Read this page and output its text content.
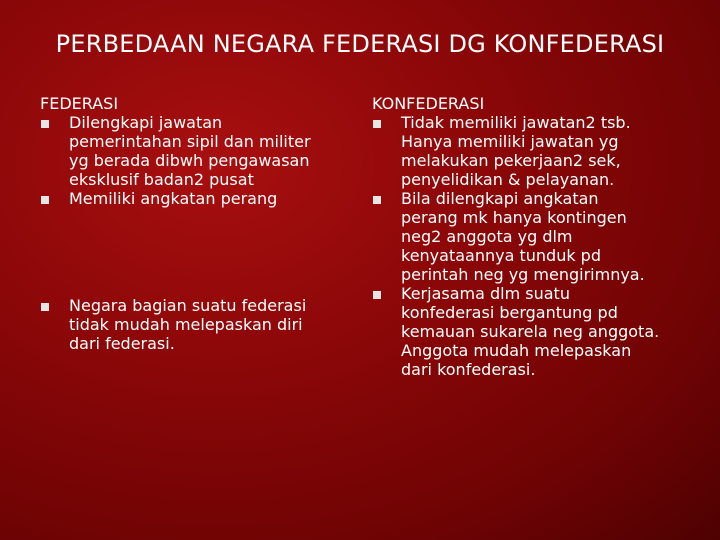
PERBEDAAN NEGARA FEDERASI DG KONFEDERASI

FEDERASI

Dilengkapi jawatan
pemerintahan sipil dan militer
yg berada dibwh pengawasan
eksklusif badan2 pusat
Memiliki angkatan perang
Negara bagian suatu federasi
tidak mudah melepaskan diri
dari federasi.

KONFEDERASI

Tidak memiliki jawatan2 tsb.
Hanya memiliki jawatan yg
melakukan pekerjaan2 sek,
penyelidikan & pelayanan.
Bila dilengkapi angkatan
perang mk hanya kontingen
neg2 anggota yg dlm
kenyataannya tunduk pd
perintah neg yg mengirimnya.
Kerjasama dlm suatu
konfederasi bergantung pd
kemauan sukarela neg anggota.
Anggota mudah melepaskan
dari konfederasi.
